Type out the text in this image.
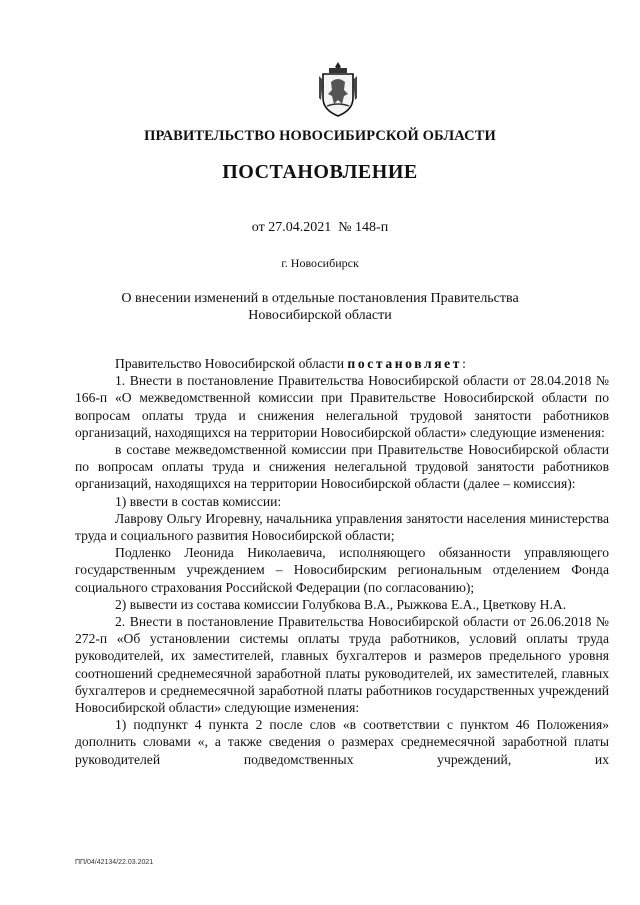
ПРАВИТЕЛЬСТВО НОВОСИБИРСКОЙ ОБЛАСТИ
ПОСТАНОВЛЕНИЕ
от 27.04.2021  № 148-п
г. Новосибирск
О внесении изменений в отдельные постановления Правительства Новосибирской области

Правительство Новосибирской области постановляет:

1. Внести в постановление Правительства Новосибирской области от 28.04.2018 № 166-п «О межведомственной комиссии при Правительстве Новосибирской области по вопросам оплаты труда и снижения нелегальной трудовой занятости работников организаций, находящихся на территории Новосибирской области» следующие изменения:

в составе межведомственной комиссии при Правительстве Новосибирской области по вопросам оплаты труда и снижения нелегальной трудовой занятости работников организаций, находящихся на территории Новосибирской области (далее – комиссия):

1) ввести в состав комиссии:

Лаврову Ольгу Игоревну, начальника управления занятости населения министерства труда и социального развития Новосибирской области;

Подленко Леонида Николаевича, исполняющего обязанности управляющего государственным учреждением – Новосибирским региональным отделением Фонда социального страхования Российской Федерации (по согласованию);

2) вывести из состава комиссии Голубкова В.А., Рыжкова Е.А., Цветкову Н.А.

2. Внести в постановление Правительства Новосибирской области от 26.06.2018 № 272-п «Об установлении системы оплаты труда работников, условий оплаты труда руководителей, их заместителей, главных бухгалтеров и размеров предельного уровня соотношений среднемесячной заработной платы руководителей, их заместителей, главных бухгалтеров и среднемесячной заработной платы работников государственных учреждений Новосибирской области» следующие изменения:

1) подпункт 4 пункта 2 после слов «в соответствии с пунктом 46 Положения» дополнить словами «, а также сведения о размерах среднемесячной заработной платы руководителей подведомственных учреждений, их

ПП/04/42134/22.03.2021
